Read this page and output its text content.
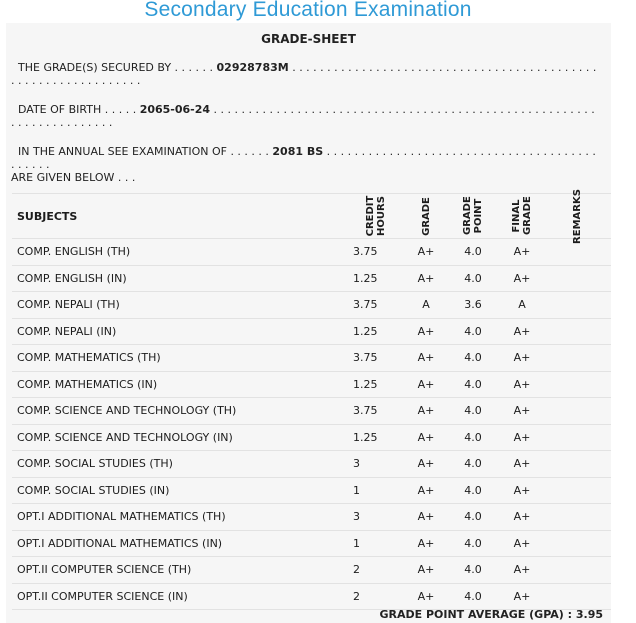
Secondary Education Examination
GRADE-SHEET
THE GRADE(S) SECURED BY . . . . . . 02928783M . . . . . . . . . . . . . . . . . . . . . . . . . . . . . . . . . . . . . . . . . . . . . . . . . . . . . . . . . . . . . . .
DATE OF BIRTH . . . . . 2065-06-24 . . . . . . . . . . . . . . . . . . . . . . . . . . . . . . . . . . . . . . . . . . . . . . . . . . . . . . . . . . . . . . . . . . . . . .
IN THE ANNUAL SEE EXAMINATION OF . . . . . . 2081 BS . . . . . . . . . . . . . . . . . . . . . . . . . . . . . . . . . . . . . . . . . . . . .
ARE GIVEN BELOW . . .
SUBJECTS	CREDIT HOURS	GRADE	GRADE POINT	FINAL GRADE	REMARKS
COMP. ENGLISH (TH)	3.75	A+	4.0	A+
COMP. ENGLISH (IN)	1.25	A+	4.0	A+
COMP. NEPALI (TH)	3.75	A	3.6	A
COMP. NEPALI (IN)	1.25	A+	4.0	A+
COMP. MATHEMATICS (TH)	3.75	A+	4.0	A+
COMP. MATHEMATICS (IN)	1.25	A+	4.0	A+
COMP. SCIENCE AND TECHNOLOGY (TH)	3.75	A+	4.0	A+
COMP. SCIENCE AND TECHNOLOGY (IN)	1.25	A+	4.0	A+
COMP. SOCIAL STUDIES (TH)	3	A+	4.0	A+
COMP. SOCIAL STUDIES (IN)	1	A+	4.0	A+
OPT.I ADDITIONAL MATHEMATICS (TH)	3	A+	4.0	A+
OPT.I ADDITIONAL MATHEMATICS (IN)	1	A+	4.0	A+
OPT.II COMPUTER SCIENCE (TH)	2	A+	4.0	A+
OPT.II COMPUTER SCIENCE (IN)	2	A+	4.0	A+
GRADE POINT AVERAGE (GPA) : 3.95
